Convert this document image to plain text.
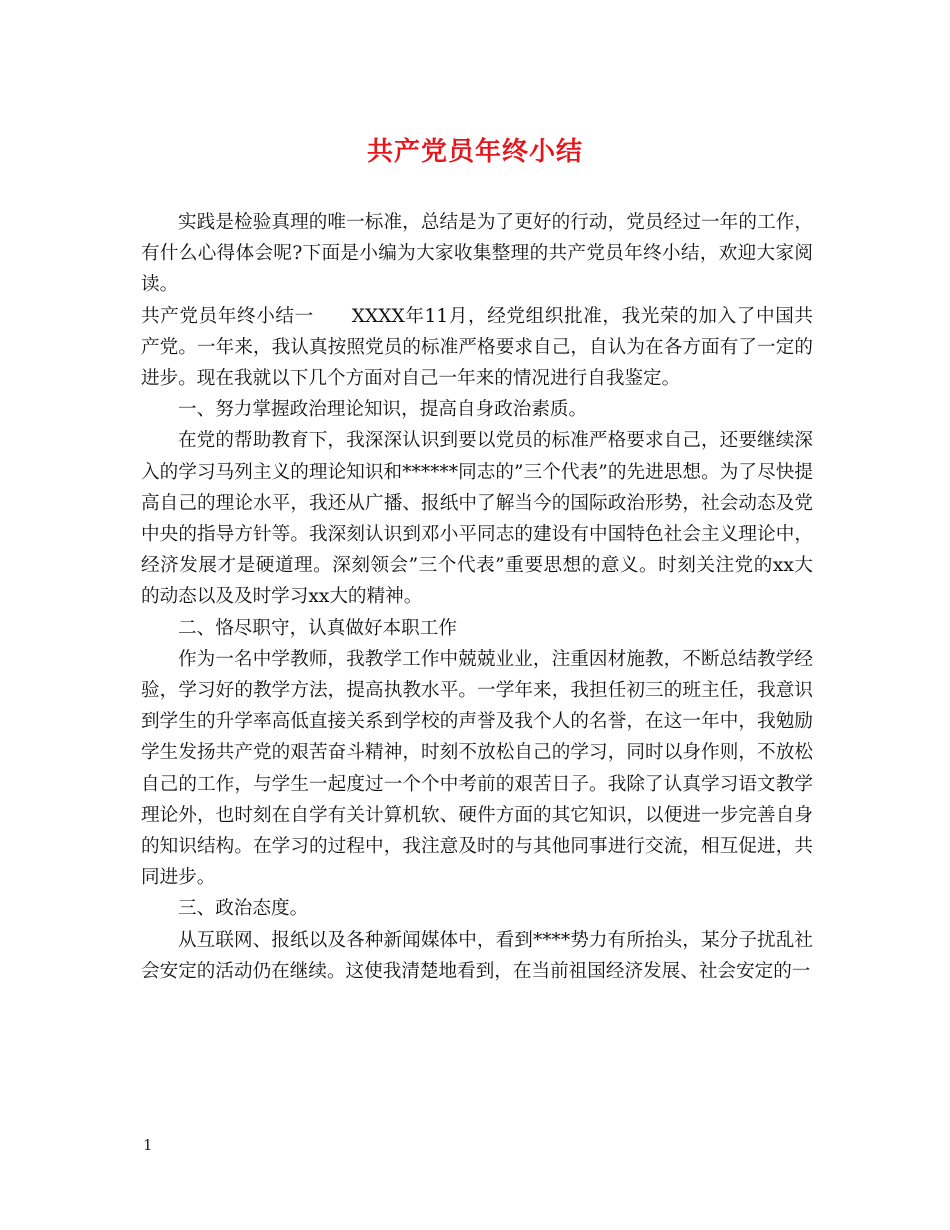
共产党员年终小结

实践是检验真理的唯一标准，总结是为了更好的行动，党员经过一年的工作，有什么心得体会呢?下面是小编为大家收集整理的共产党员年终小结，欢迎大家阅读。

共产党员年终小结一 XXXX年11月，经党组织批准，我光荣的加入了中国共产党。一年来，我认真按照党员的标准严格要求自己，自认为在各方面有了一定的进步。现在我就以下几个方面对自己一年来的情况进行自我鉴定。

一、努力掌握政治理论知识，提高自身政治素质。

在党的帮助教育下，我深深认识到要以党员的标准严格要求自己，还要继续深入的学习马列主义的理论知识和******同志的”三个代表”的先进思想。为了尽快提高自己的理论水平，我还从广播、报纸中了解当今的国际政治形势，社会动态及党中央的指导方针等。我深刻认识到邓小平同志的建设有中国特色社会主义理论中，经济发展才是硬道理。深刻领会”三个代表”重要思想的意义。时刻关注党的xx大的动态以及及时学习xx大的精神。

二、恪尽职守，认真做好本职工作

作为一名中学教师，我教学工作中兢兢业业，注重因材施教，不断总结教学经验，学习好的教学方法，提高执教水平。一学年来，我担任初三的班主任，我意识到学生的升学率高低直接关系到学校的声誉及我个人的名誉，在这一年中，我勉励学生发扬共产党的艰苦奋斗精神，时刻不放松自己的学习，同时以身作则，不放松自己的工作，与学生一起度过一个个中考前的艰苦日子。我除了认真学习语文教学理论外，也时刻在自学有关计算机软、硬件方面的其它知识，以便进一步完善自身的知识结构。在学习的过程中，我注意及时的与其他同事进行交流，相互促进，共同进步。

三、政治态度。

从互联网、报纸以及各种新闻媒体中，看到****势力有所抬头，某分子扰乱社会安定的活动仍在继续。这使我清楚地看到，在当前祖国经济发展、社会安定的一

1
